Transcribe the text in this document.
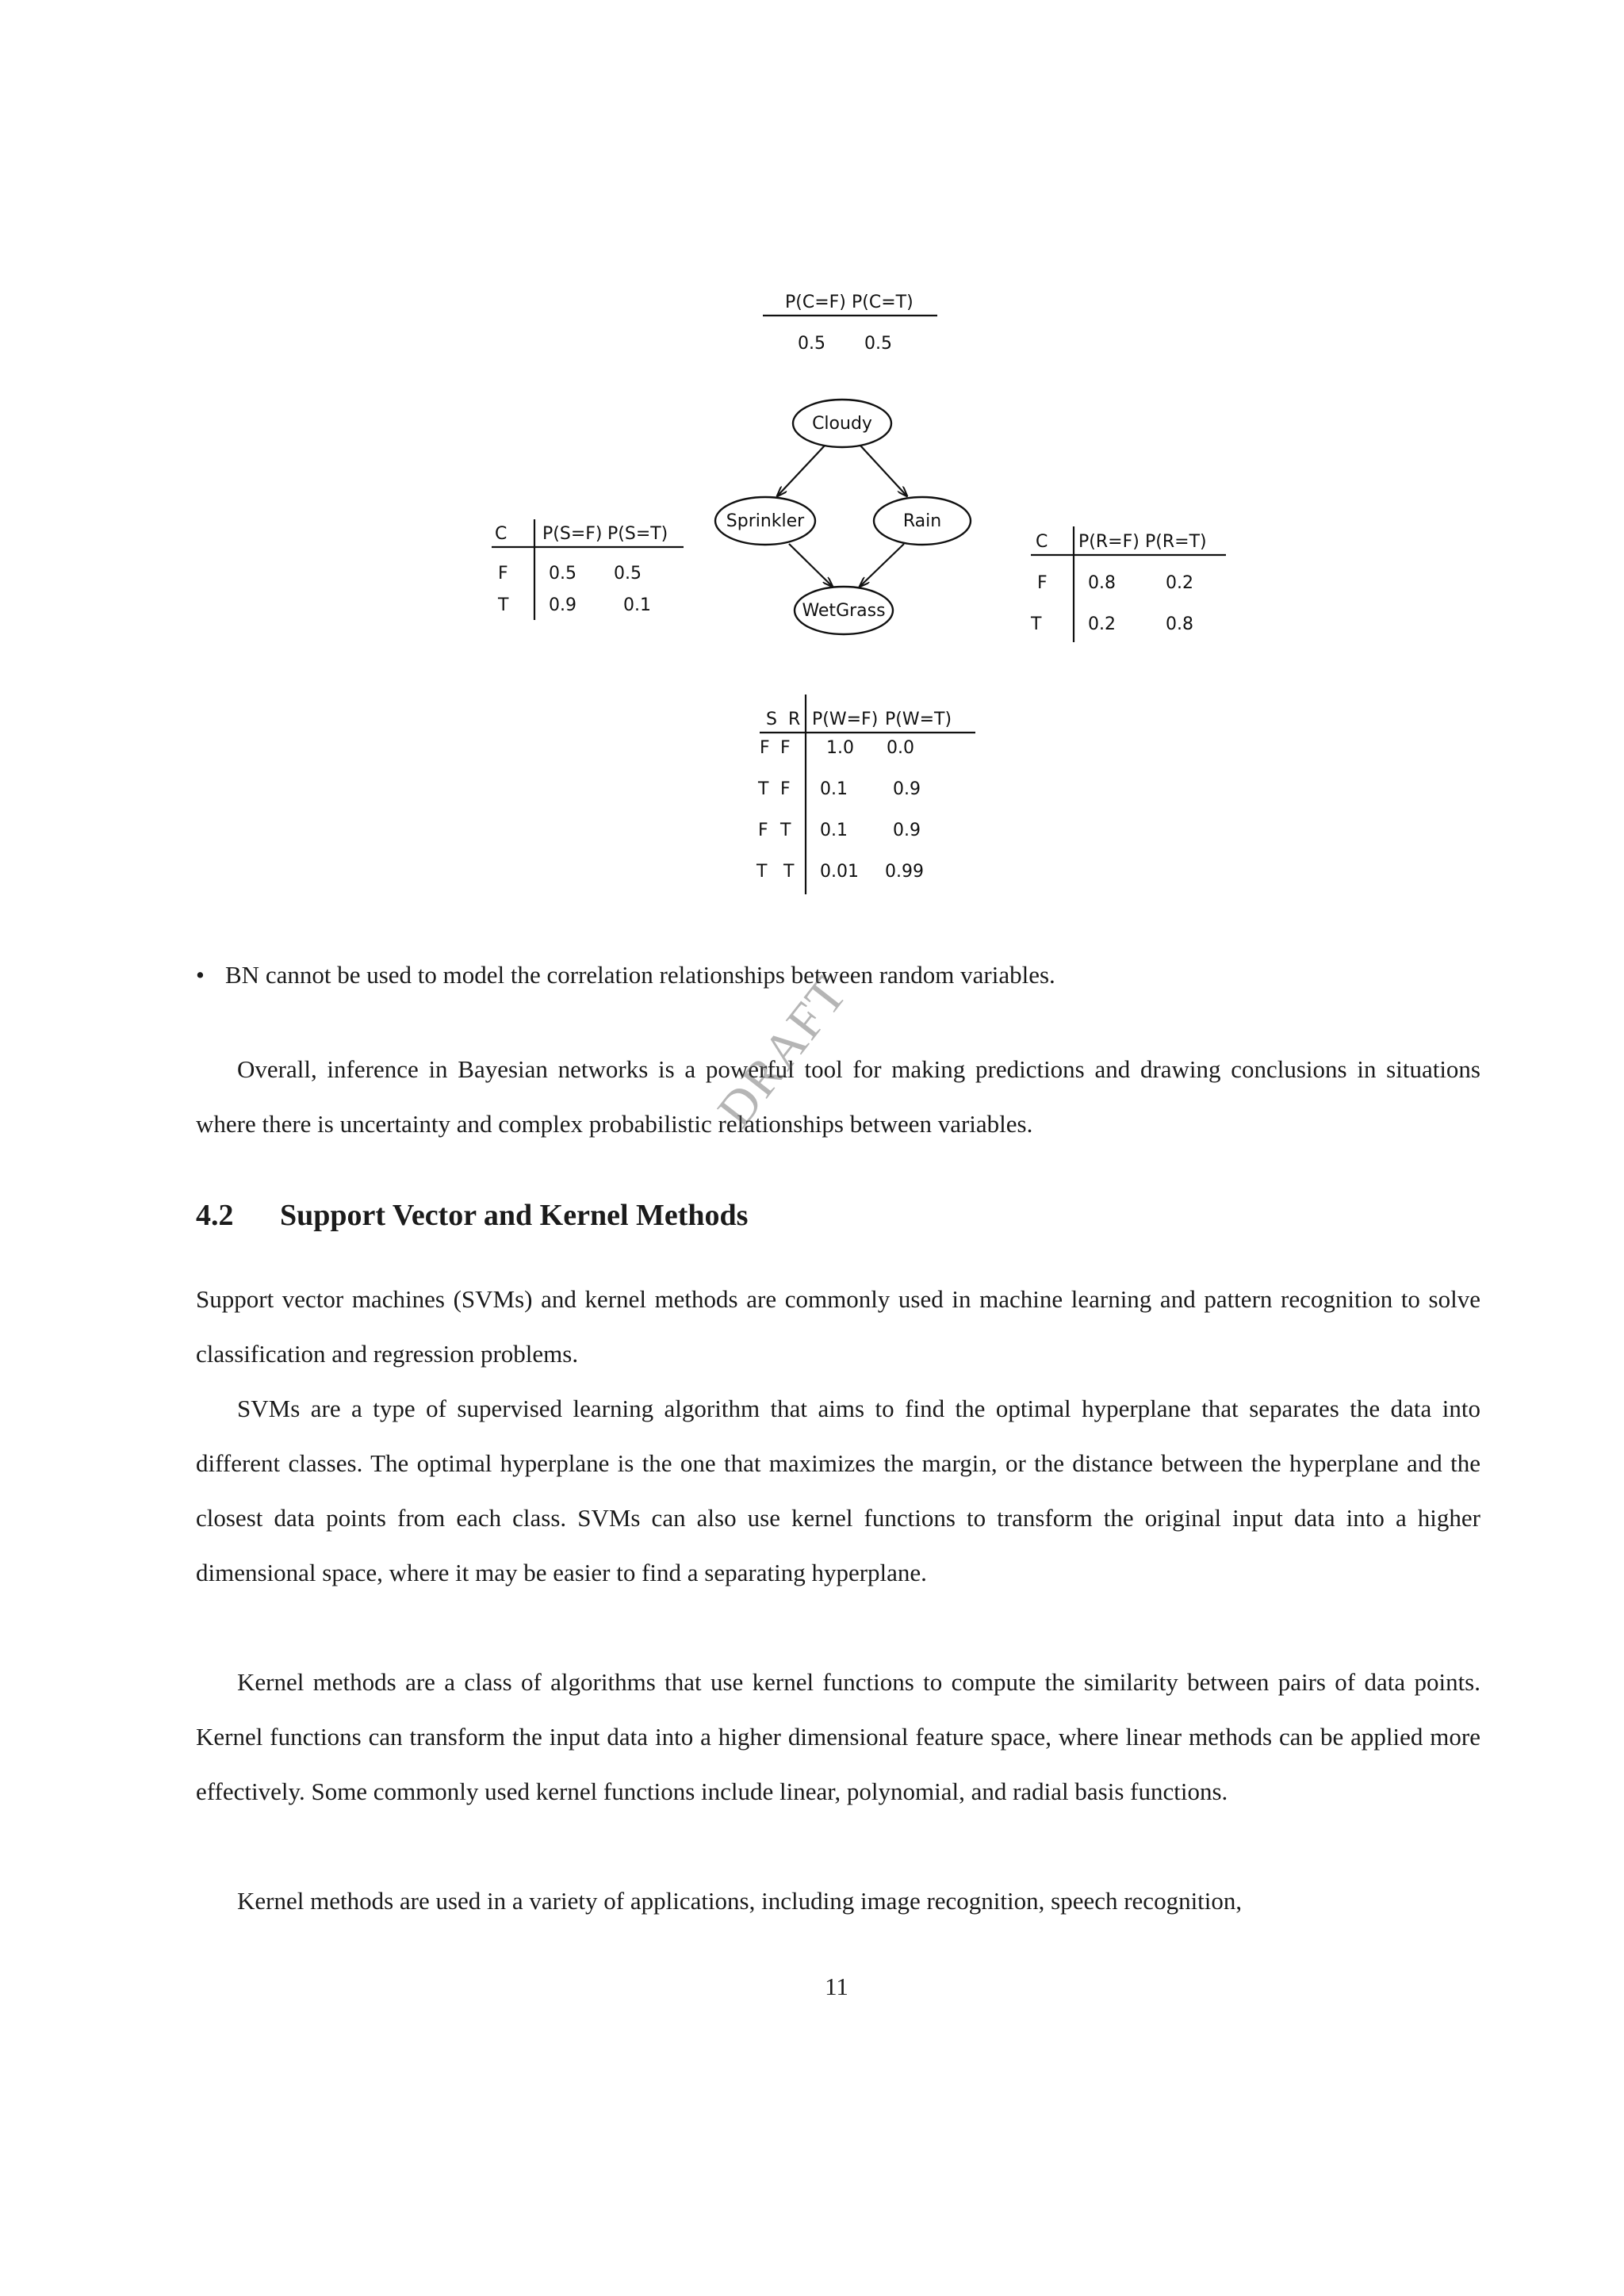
P(C=F) P(C=T)
0.5 0.5
Cloudy
Sprinkler	Rain
WetGrass
C P(S=F) P(S=T)
F 0.5 0.5
T 0.9	0.1
C P(R=F) P(R=T)
F 0.8	0.2
T	0.2	0.8
S R P(W=F) P(W=T)
F F 1.0 0.0
T F 0.1	0.9
F T 0.1	0.9
T T 0.01 0.99
• BN cannot be used to model the correlation relationships between random variables.
Overall, inference in Bayesian networks is a powerful tool for making predictions and drawing conclusions in situations where there is uncertainty and complex probabilistic relationships between variables.
4.2 Support Vector and Kernel Methods
Support vector machines (SVMs) and kernel methods are commonly used in machine learning and pattern recognition to solve classification and regression problems.
SVMs are a type of supervised learning algorithm that aims to find the optimal hyperplane that separates the data into different classes. The optimal hyperplane is the one that maximizes the margin, or the distance between the hyperplane and the closest data points from each class. SVMs can also use kernel functions to transform the original input data into a higher dimensional space, where it may be easier to find a separating hyperplane.
Kernel methods are a class of algorithms that use kernel functions to compute the similarity between pairs of data points. Kernel functions can transform the input data into a higher dimensional feature space, where linear methods can be applied more effectively. Some commonly used kernel functions include linear, polynomial, and radial basis functions.
Kernel methods are used in a variety of applications, including image recognition, speech recognition,
11
DRAFT
